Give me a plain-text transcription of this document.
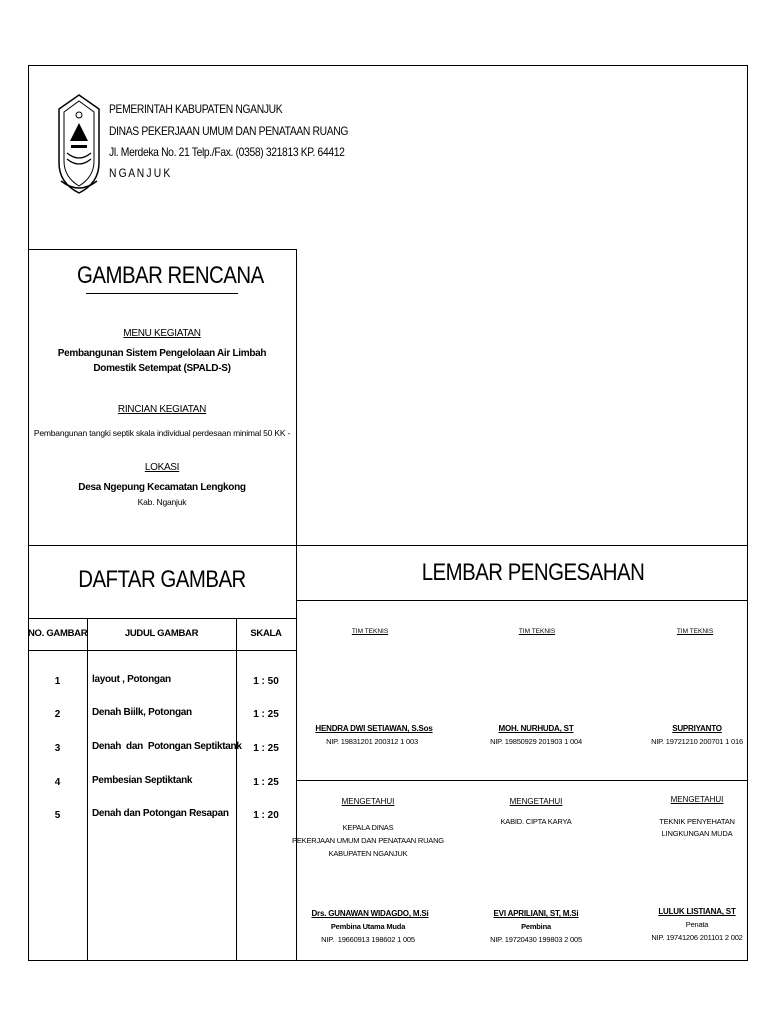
PEMERINTAH KABUPATEN NGANJUK
DINAS PEKERJAAN UMUM DAN PENATAAN RUANG
Jl. Merdeka No. 21 Telp./Fax. (0358) 321813 KP. 64412
N G A N J U K
GAMBAR RENCANA
MENU KEGIATAN
Pembangunan Sistem Pengelolaan Air Limbah
Domestik Setempat (SPALD-S)
RINCIAN KEGIATAN
Pembangunan tangki septik skala individual perdesaan minimal 50 KK -
LOKASI
Desa Ngepung Kecamatan Lengkong
Kab. Nganjuk
DAFTAR GAMBAR
NO. GAMBAR	JUDUL GAMBAR	SKALA
1	layout , Potongan	1 : 50
2	Denah Biilk, Potongan	1 : 25
3	Denah  dan  Potongan Septiktank	1 : 25
4	Pembesian Septiktank	1 : 25
5	Denah dan Potongan Resapan	1 : 20
LEMBAR PENGESAHAN
TIM TEKNIS
HENDRA DWI SETIAWAN, S.Sos
NIP. 19831201 200312 1 003
TIM TEKNIS
MOH. NURHUDA, ST
NIP. 19850929 201903 1 004
TIM TEKNIS
SUPRIYANTO
NIP. 19721210 200701 1 016
MENGETAHUI
KEPALA DINAS
PEKERJAAN UMUM DAN PENATAAN RUANG
KABUPATEN NGANJUK
Drs. GUNAWAN WIDAGDO, M.Si
Pembina Utama Muda
NIP.  19660913 198602 1 005
MENGETAHUI
KABID. CIPTA KARYA
EVI APRILIANI, ST, M.Si
Pembina
NIP. 19720430 199803 2 005
MENGETAHUI
TEKNIK PENYEHATAN
LINGKUNGAN MUDA
LULUK LISTIANA, ST
Penata
NIP. 19741206 201101 2 002
